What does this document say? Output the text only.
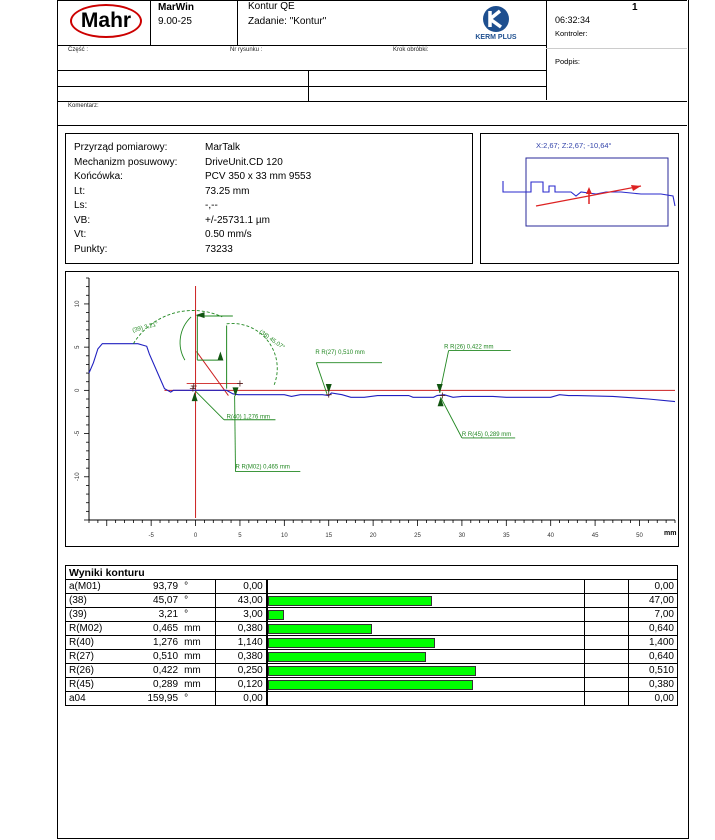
Mahr
MarWin
9.00-25
Kontur QE
Zadanie: "Kontur"
KERM PLUS
06:32:34
1
Kontroler:
Podpis:
Część :	Nr rysunku :	Krok obróbki:
Komentarz:
Przyrząd pomiarowy:	MarTalk
Mechanizm posuwowy:	DriveUnit.CD 120
Końcówka:	PCV 350 x 33 mm 9553
Lt:	73.25 mm
Ls:	-,--
VB:	+/-25731.1 µm
Vt:	0.50 mm/s
Punkty:	73233
X:2,67; Z:2,67; -10,64°
-5	0	5	10	15	20	25	30	35	40	45	50
10
5
0
-5
-10
(39) 3,21°
(38) 45,07°
R R(27) 0,510 mm
R R(26) 0,422 mm
R(40) 1,276 mm
R R(M02) 0,465 mm
R R(45) 0,289 mm
mm
Wyniki konturu						
a(M01)	93,79	°	0,00				0,00
(38)	45,07	°	43,00				47,00
(39)	3,21	°	3,00				7,00
R(M02)	0,465	mm	0,380				0,640
R(40)	1,276	mm	1,140				1,400
R(27)	0,510	mm	0,380				0,640
R(26)	0,422	mm	0,250				0,510
R(45)	0,289	mm	0,120				0,380
a04	159,95	°	0,00				0,00
